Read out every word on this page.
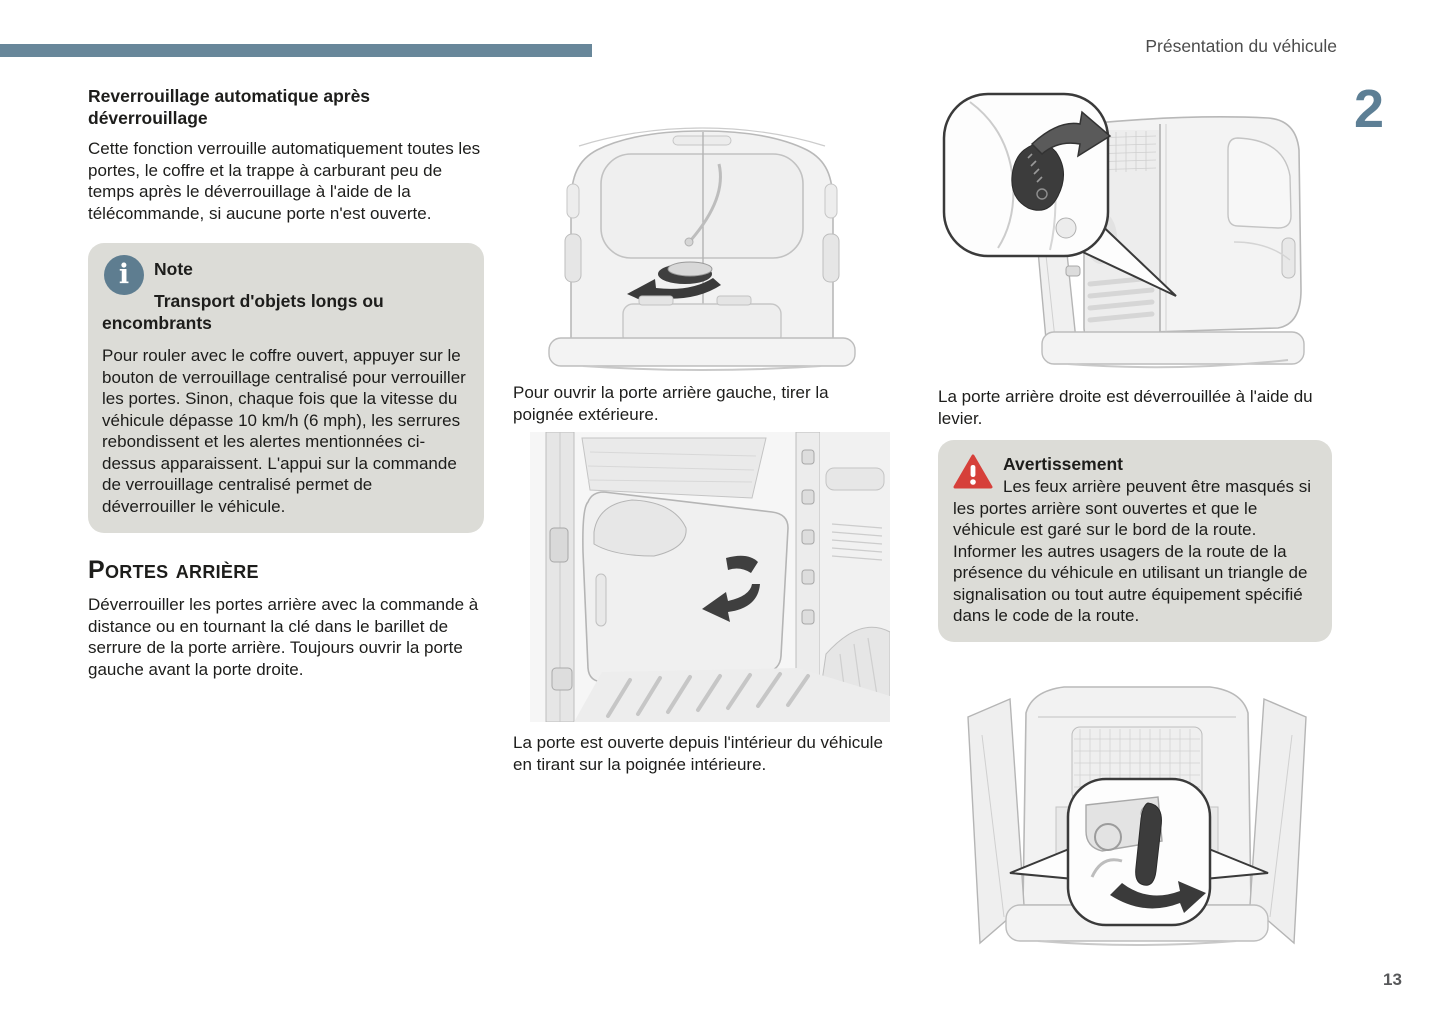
Présentation du véhicule
2
Reverrouillage automatique après déverrouillage
Cette fonction verrouille automatiquement toutes les portes, le coffre et la trappe à carburant peu de temps après le déverrouillage à l'aide de la télécommande, si aucune porte n'est ouverte.
i	Note
Transport d'objets longs ou encombrants
Pour rouler avec le coffre ouvert, appuyer sur le bouton de verrouillage centralisé pour verrouiller les portes. Sinon, chaque fois que la vitesse du véhicule dépasse 10 km/h (6 mph), les serrures rebondissent et les alertes mentionnées ci-dessus apparaissent. L'appui sur la commande de verrouillage centralisé permet de déverrouiller le véhicule.
Portes arrière
Déverrouiller les portes arrière avec la commande à distance ou en tournant la clé dans le barillet de serrure de la porte arrière. Toujours ouvrir la porte gauche avant la porte droite.
Pour ouvrir la porte arrière gauche, tirer la poignée extérieure.
La porte est ouverte depuis l'intérieur du véhicule en tirant sur la poignée intérieure.
La porte arrière droite est déverrouillée à l'aide du levier.
Avertissement
Les feux arrière peuvent être masqués si les portes arrière sont ouvertes et que le véhicule est garé sur le bord de la route. Informer les autres usagers de la route de la présence du véhicule en utilisant un triangle de signalisation ou tout autre équipement spécifié dans le code de la route.
13
